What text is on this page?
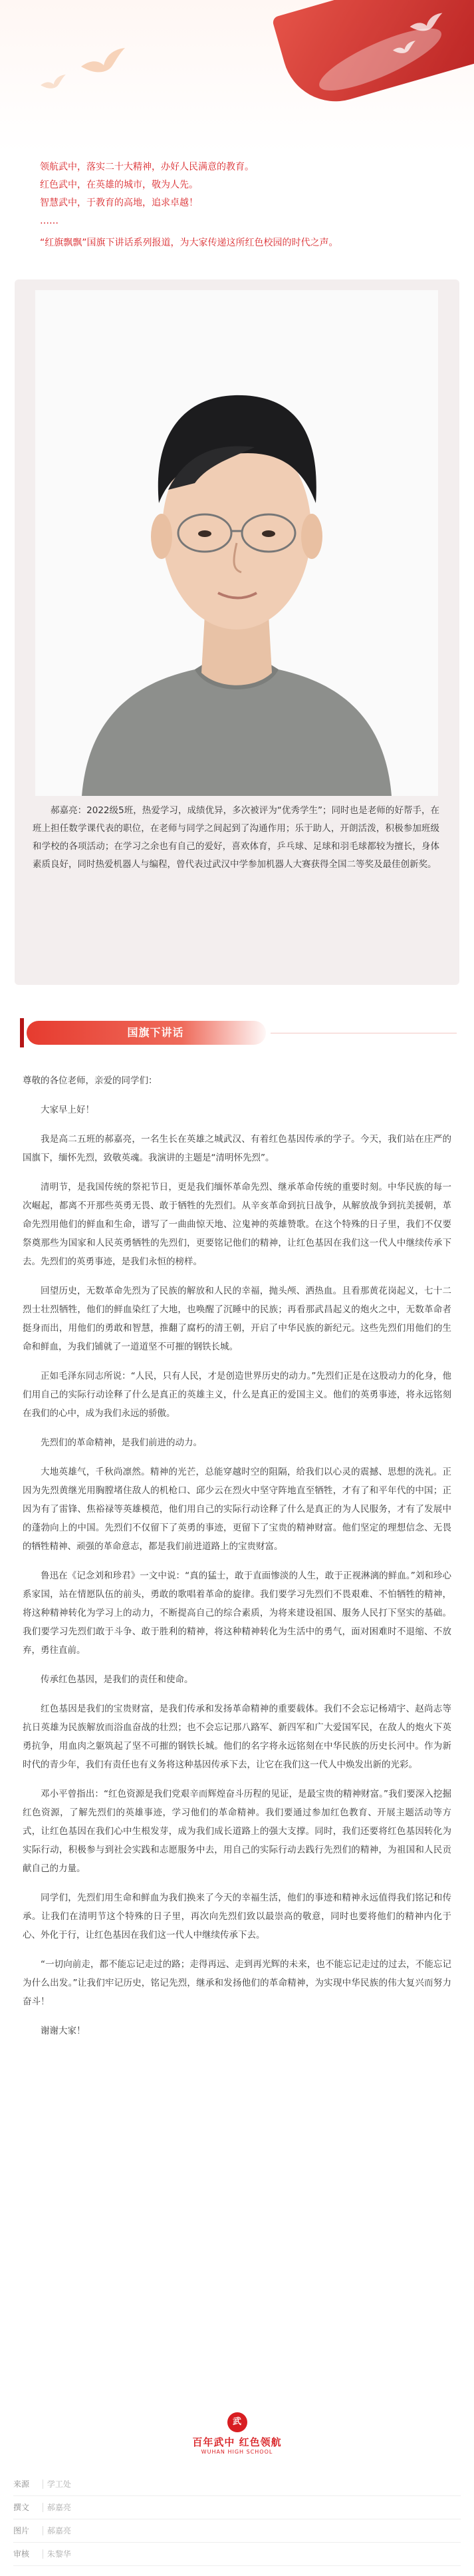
领航武中，落实二十大精神，办好人民满意的教育。
红色武中，在英雄的城市，敬为人先。
智慧武中，于教育的高地，追求卓越！
……
“红旗飘飘”国旗下讲话系列报道，为大家传递这所红色校园的时代之声。
郝嘉亮：2022级5班，热爱学习，成绩优异，多次被评为“优秀学生”；同时也是老师的好帮手，在班上担任数学课代表的职位，在老师与同学之间起到了沟通作用；乐于助人，开朗活泼，积极参加班级和学校的各项活动；在学习之余也有自己的爱好，喜欢体育，乒乓球、足球和羽毛球都较为擅长，身体素质良好，同时热爱机器人与编程，曾代表过武汉中学参加机器人大赛获得全国二等奖及最佳创新奖。
国旗下讲话

尊敬的各位老师，亲爱的同学们：

大家早上好！

我是高二五班的郝嘉亮，一名生长在英雄之城武汉、有着红色基因传承的学子。今天，我们站在庄严的国旗下，缅怀先烈，致敬英魂。我演讲的主题是“清明怀先烈”。

清明节，是我国传统的祭祀节日，更是我们缅怀革命先烈、继承革命传统的重要时刻。中华民族的每一次崛起，都离不开那些英勇无畏、敢于牺牲的先烈们。从辛亥革命到抗日战争，从解放战争到抗美援朝，革命先烈用他们的鲜血和生命，谱写了一曲曲惊天地、泣鬼神的英雄赞歌。在这个特殊的日子里，我们不仅要祭奠那些为国家和人民英勇牺牲的先烈们，更要铭记他们的精神，让红色基因在我们这一代人中继续传承下去。先烈们的英勇事迹，是我们永恒的榜样。

回望历史，无数革命先烈为了民族的解放和人民的幸福，抛头颅、洒热血。且看那黄花岗起义，七十二烈士壮烈牺牲，他们的鲜血染红了大地，也唤醒了沉睡中的民族；再看那武昌起义的炮火之中，无数革命者挺身而出，用他们的勇敢和智慧，推翻了腐朽的清王朝，开启了中华民族的新纪元。这些先烈们用他们的生命和鲜血，为我们铺就了一道道坚不可摧的钢铁长城。

正如毛泽东同志所说：“人民，只有人民，才是创造世界历史的动力。”先烈们正是在这股动力的化身，他们用自己的实际行动诠释了什么是真正的英雄主义，什么是真正的爱国主义。他们的英勇事迹，将永远铭刻在我们的心中，成为我们永远的骄傲。

先烈们的革命精神，是我们前进的动力。

大地英雄气，千秋尚凛然。精神的光芒，总能穿越时空的阻隔，给我们以心灵的震撼、思想的洗礼。正因为先烈黄继光用胸膛堵住敌人的机枪口、邱少云在烈火中坚守阵地直至牺牲，才有了和平年代的中国；正因为有了雷锋、焦裕禄等英雄模范，他们用自己的实际行动诠释了什么是真正的为人民服务，才有了发展中的蓬勃向上的中国。先烈们不仅留下了英勇的事迹，更留下了宝贵的精神财富。他们坚定的理想信念、无畏的牺牲精神、顽强的革命意志，都是我们前进道路上的宝贵财富。

鲁迅在《记念刘和珍君》一文中说：“真的猛士，敢于直面惨淡的人生，敢于正视淋漓的鲜血。”刘和珍心系家国，站在情愿队伍的前头，勇敢的歌唱着革命的旋律。我们要学习先烈们不畏艰难、不怕牺牲的精神，将这种精神转化为学习上的动力，不断提高自己的综合素质，为将来建设祖国、服务人民打下坚实的基础。我们要学习先烈们敢于斗争、敢于胜利的精神，将这种精神转化为生活中的勇气，面对困难时不退缩、不放弃，勇往直前。

传承红色基因，是我们的责任和使命。

红色基因是我们的宝贵财富，是我们传承和发扬革命精神的重要载体。我们不会忘记杨靖宇、赵尚志等抗日英雄为民族解放而浴血奋战的壮烈；也不会忘记那八路军、新四军和广大爱国军民，在敌人的炮火下英勇抗争，用血肉之躯筑起了坚不可摧的钢铁长城。他们的名字将永远铭刻在中华民族的历史长河中。作为新时代的青少年，我们有责任也有义务将这种基因传承下去，让它在我们这一代人中焕发出新的光彩。

邓小平曾指出：“红色资源是我们党艰辛而辉煌奋斗历程的见证，是最宝贵的精神财富。”我们要深入挖掘红色资源，了解先烈们的英雄事迹，学习他们的革命精神。我们要通过参加红色教育、开展主题活动等方式，让红色基因在我们心中生根发芽，成为我们成长道路上的强大支撑。同时，我们还要将红色基因转化为实际行动，积极参与到社会实践和志愿服务中去，用自己的实际行动去践行先烈们的精神，为祖国和人民贡献自己的力量。

同学们，先烈们用生命和鲜血为我们换来了今天的幸福生活，他们的事迹和精神永远值得我们铭记和传承。让我们在清明节这个特殊的日子里，再次向先烈们致以最崇高的敬意，同时也要将他们的精神内化于心、外化于行，让红色基因在我们这一代人中继续传承下去。

“一切向前走，都不能忘记走过的路；走得再远、走到再光辉的未来，也不能忘记走过的过去，不能忘记为什么出发。”让我们牢记历史，铭记先烈，继承和发扬他们的革命精神，为实现中华民族的伟大复兴而努力奋斗！

谢谢大家！

武
百年武中 红色领航
WUHAN HIGH SCHOOL
来源 学工处
撰文 郝嘉亮
图片 郝嘉亮
审核 朱黎华
